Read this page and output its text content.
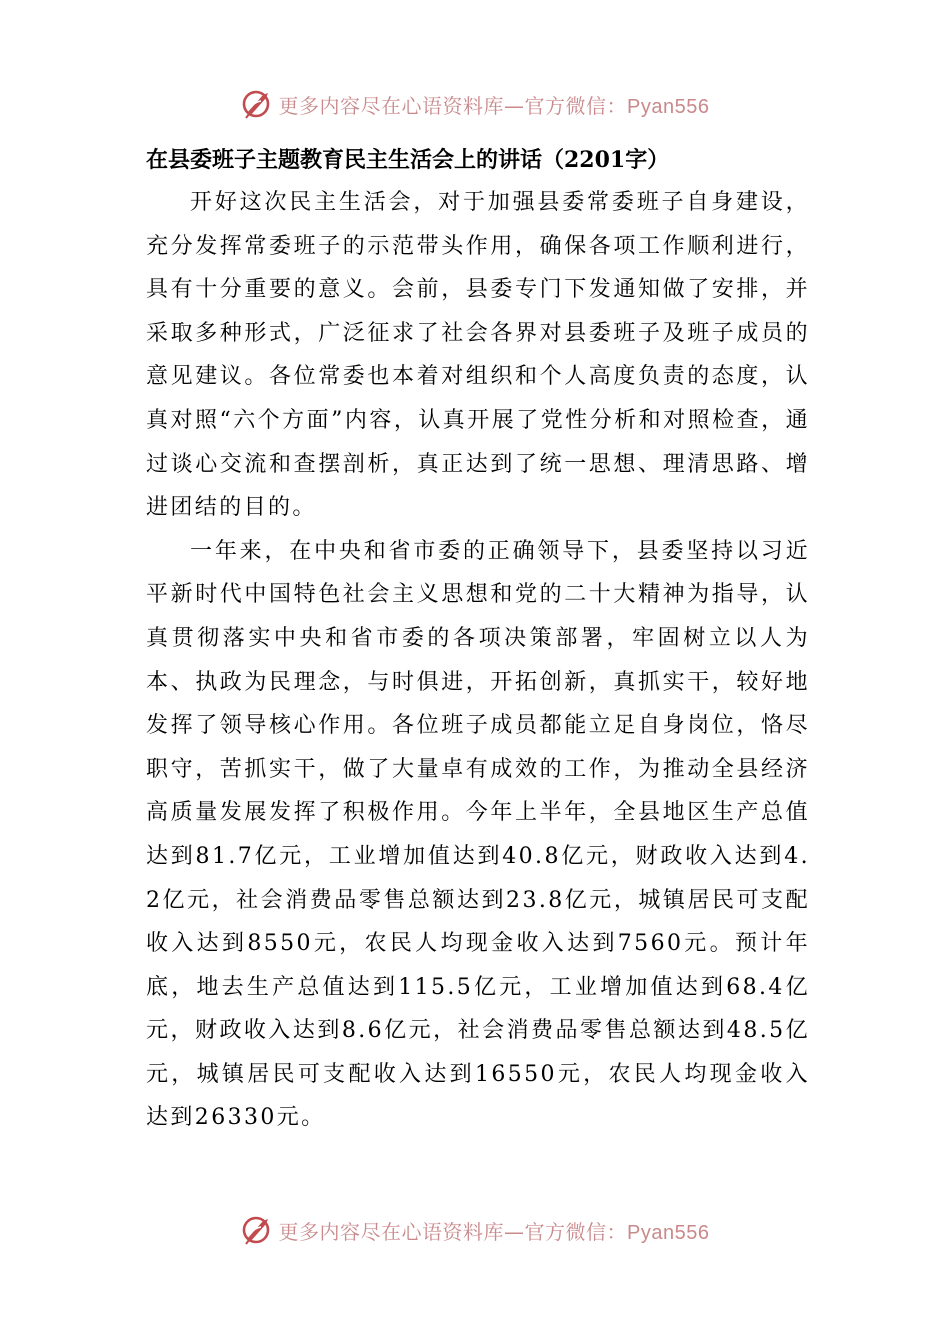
更多内容尽在心语资料库—官方微信：Pyan556
在县委班子主题教育民主生活会上的讲话（2201字）

开好这次民主生活会，对于加强县委常委班子自身建设，充分发挥常委班子的示范带头作用，确保各项工作顺利进行，具有十分重要的意义。会前，县委专门下发通知做了安排，并采取多种形式，广泛征求了社会各界对县委班子及班子成员的意见建议。各位常委也本着对组织和个人高度负责的态度，认真对照“六个方面”内容，认真开展了党性分析和对照检查，通过谈心交流和查摆剖析，真正达到了统一思想、理清思路、增进团结的目的。

一年来，在中央和省市委的正确领导下，县委坚持以习近平新时代中国特色社会主义思想和党的二十大精神为指导，认真贯彻落实中央和省市委的各项决策部署，牢固树立以人为本、执政为民理念，与时俱进，开拓创新，真抓实干，较好地发挥了领导核心作用。各位班子成员都能立足自身岗位，恪尽职守，苦抓实干，做了大量卓有成效的工作，为推动全县经济高质量发展发挥了积极作用。今年上半年，全县地区生产总值达到81.7亿元，工业增加值达到40.8亿元，财政收入达到4.2亿元，社会消费品零售总额达到23.8亿元，城镇居民可支配收入达到8550元，农民人均现金收入达到7560元。预计年底，地去生产总值达到115.5亿元，工业增加值达到68.4亿元，财政收入达到8.6亿元，社会消费品零售总额达到48.5亿元，城镇居民可支配收入达到16550元，农民人均现金收入达到26330元。

更多内容尽在心语资料库—官方微信：Pyan556
